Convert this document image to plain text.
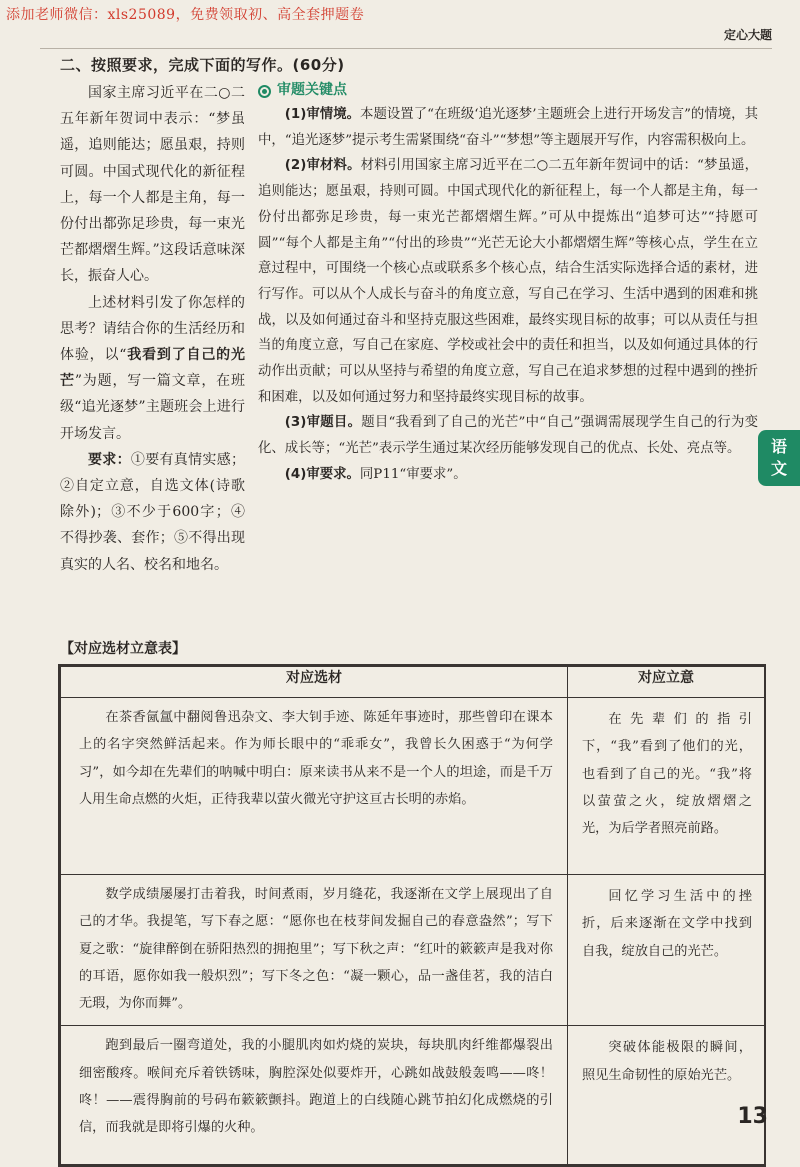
添加老师微信：xls25089，免费领取初、高全套押题卷
定心大题
二、按照要求，完成下面的写作。(60分)

国家主席习近平在二○二五年新年贺词中表示：“梦虽遥，追则能达；愿虽艰，持则可圆。中国式现代化的新征程上，每一个人都是主角，每一份付出都弥足珍贵，每一束光芒都熠熠生辉。”这段话意味深长，振奋人心。

上述材料引发了你怎样的思考？请结合你的生活经历和体验，以“我看到了自己的光芒”为题，写一篇文章，在班级“追光逐梦”主题班会上进行开场发言。

要求：①要有真情实感；②自定立意，自选文体(诗歌除外)；③不少于600字；④不得抄袭、套作；⑤不得出现真实的人名、校名和地名。

审题关键点

(1)审情境。本题设置了“在班级‘追光逐梦’主题班会上进行开场发言”的情境，其中，“追光逐梦”提示考生需紧围绕“奋斗”“梦想”等主题展开写作，内容需积极向上。

(2)审材料。材料引用国家主席习近平在二○二五年新年贺词中的话：“梦虽遥，追则能达；愿虽艰，持则可圆。中国式现代化的新征程上，每一个人都是主角，每一份付出都弥足珍贵，每一束光芒都熠熠生辉。”可从中提炼出“追梦可达”“持愿可圆”“每个人都是主角”“付出的珍贵”“光芒无论大小都熠熠生辉”等核心点，学生在立意过程中，可围绕一个核心点或联系多个核心点，结合生活实际选择合适的素材，进行写作。可以从个人成长与奋斗的角度立意，写自己在学习、生活中遇到的困难和挑战，以及如何通过奋斗和坚持克服这些困难，最终实现目标的故事；可以从责任与担当的角度立意，写自己在家庭、学校或社会中的责任和担当，以及如何通过具体的行动作出贡献；可以从坚持与希望的角度立意，写自己在追求梦想的过程中遇到的挫折和困难，以及如何通过努力和坚持最终实现目标的故事。

(3)审题目。题目“我看到了自己的光芒”中“自己”强调需展现学生自己的行为变化、成长等；“光芒”表示学生通过某次经历能够发现自己的优点、长处、亮点等。

(4)审要求。同P11“审要求”。

语
文
【对应选材立意表】
对应选材	对应立意
在茶香氤氲中翻阅鲁迅杂文、李大钊手迹、陈延年事迹时，那些曾印在课本上的名字突然鲜活起来。作为师长眼中的“乖乖女”，我曾长久困惑于“为何学习”，如今却在先辈们的呐喊中明白：原来读书从来不是一个人的坦途，而是千万人用生命点燃的火炬，正待我辈以萤火微光守护这亘古长明的赤焰。	在先辈们的指引下，“我”看到了他们的光，也看到了自己的光。“我”将以萤萤之火，绽放熠熠之光，为后学者照亮前路。
数学成绩屡屡打击着我，时间煮雨，岁月缝花，我逐渐在文学上展现出了自己的才华。我提笔，写下春之愿：“愿你也在枝芽间发掘自己的春意盎然”；写下夏之歌：“旋律醉倒在骄阳热烈的拥抱里”；写下秋之声：“红叶的簌簌声是我对你的耳语，愿你如我一般炽烈”；写下冬之色：“凝一颗心，品一盏佳茗，我的洁白无瑕，为你而舞”。	回忆学习生活中的挫折，后来逐渐在文学中找到自我，绽放自己的光芒。
跑到最后一圈弯道处，我的小腿肌肉如灼烧的炭块，每块肌肉纤维都爆裂出细密酸疼。喉间充斥着铁锈味，胸腔深处似要炸开，心跳如战鼓般轰鸣——咚！咚！——震得胸前的号码布簌簌颤抖。跑道上的白线随心跳节拍幻化成燃烧的引信，而我就是即将引爆的火种。	突破体能极限的瞬间，照见生命韧性的原始光芒。
13
